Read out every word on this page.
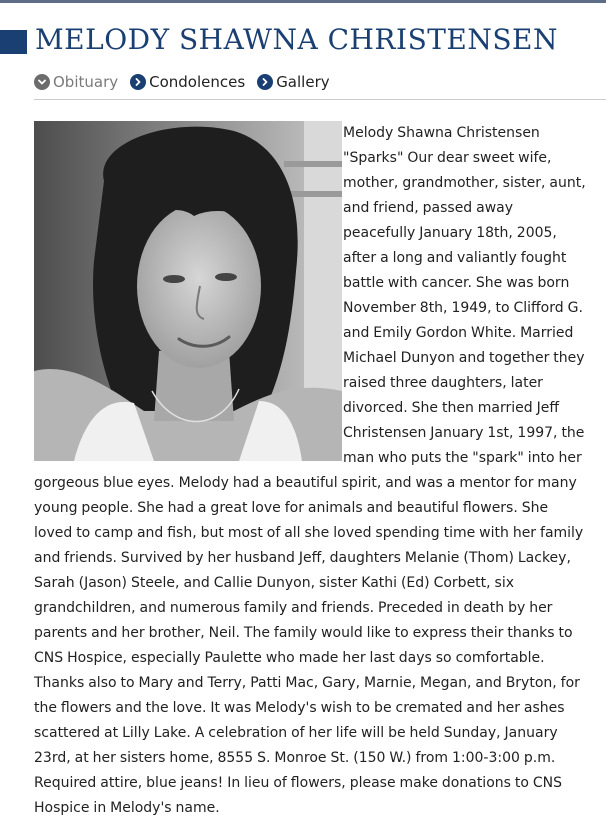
MELODY SHAWNA CHRISTENSEN
Obituary Condolences Gallery

Melody Shawna Christensen "Sparks" Our dear sweet wife, mother, grandmother, sister, aunt, and friend, passed away peacefully January 18th, 2005, after a long and valiantly fought battle with cancer. She was born November 8th, 1949, to Clifford G. and Emily Gordon White. Married Michael Dunyon and together they raised three daughters, later divorced. She then married Jeff Christensen January 1st, 1997, the man who puts the "spark" into her gorgeous blue eyes. Melody had a beautiful spirit, and was a mentor for many young people. She had a great love for animals and beautiful flowers. She loved to camp and fish, but most of all she loved spending time with her family and friends. Survived by her husband Jeff, daughters Melanie (Thom) Lackey, Sarah (Jason) Steele, and Callie Dunyon, sister Kathi (Ed) Corbett, six grandchildren, and numerous family and friends. Preceded in death by her parents and her brother, Neil. The family would like to express their thanks to CNS Hospice, especially Paulette who made her last days so comfortable. Thanks also to Mary and Terry, Patti Mac, Gary, Marnie, Megan, and Bryton, for the flowers and the love. It was Melody's wish to be cremated and her ashes scattered at Lilly Lake. A celebration of her life will be held Sunday, January 23rd, at her sisters home, 8555 S. Monroe St. (150 W.) from 1:00-3:00 p.m. Required attire, blue jeans! In lieu of flowers, please make donations to CNS Hospice in Melody's name.
